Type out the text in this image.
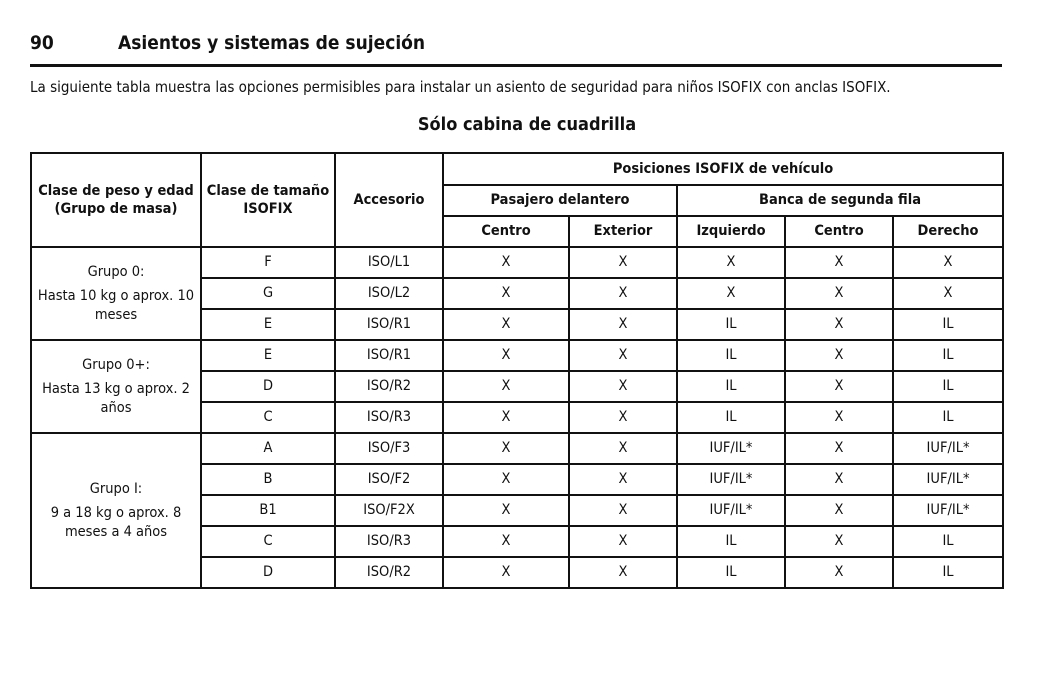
90	Asientos y sistemas de sujeción
La siguiente tabla muestra las opciones permisibles para instalar un asiento de seguridad para niños ISOFIX con anclas ISOFIX.
Sólo cabina de cuadrilla
Clase de peso y edad (Grupo de masa)	Clase de tamaño ISOFIX	Accesorio	Posiciones ISOFIX de vehículo				
			Pasajero delantero		Banca de segunda fila		
			Centro	Exterior	Izquierdo	Centro	Derecho

Grupo 0:

Hasta 10 kg o aprox. 10 meses	F	ISO/L1	X	X	X	X	X
	G	ISO/L2	X	X	X	X	X
	E	ISO/R1	X	X	IL	X	IL

Grupo 0+:

Hasta 13 kg o aprox. 2 años	E	ISO/R1	X	X	IL	X	IL
	D	ISO/R2	X	X	IL	X	IL
	C	ISO/R3	X	X	IL	X	IL

Grupo I:

9 a 18 kg o aprox. 8 meses a 4 años	A	ISO/F3	X	X	IUF/IL*	X	IUF/IL*
	B	ISO/F2	X	X	IUF/IL*	X	IUF/IL*
	B1	ISO/F2X	X	X	IUF/IL*	X	IUF/IL*
	C	ISO/R3	X	X	IL	X	IL
	D	ISO/R2	X	X	IL	X	IL
